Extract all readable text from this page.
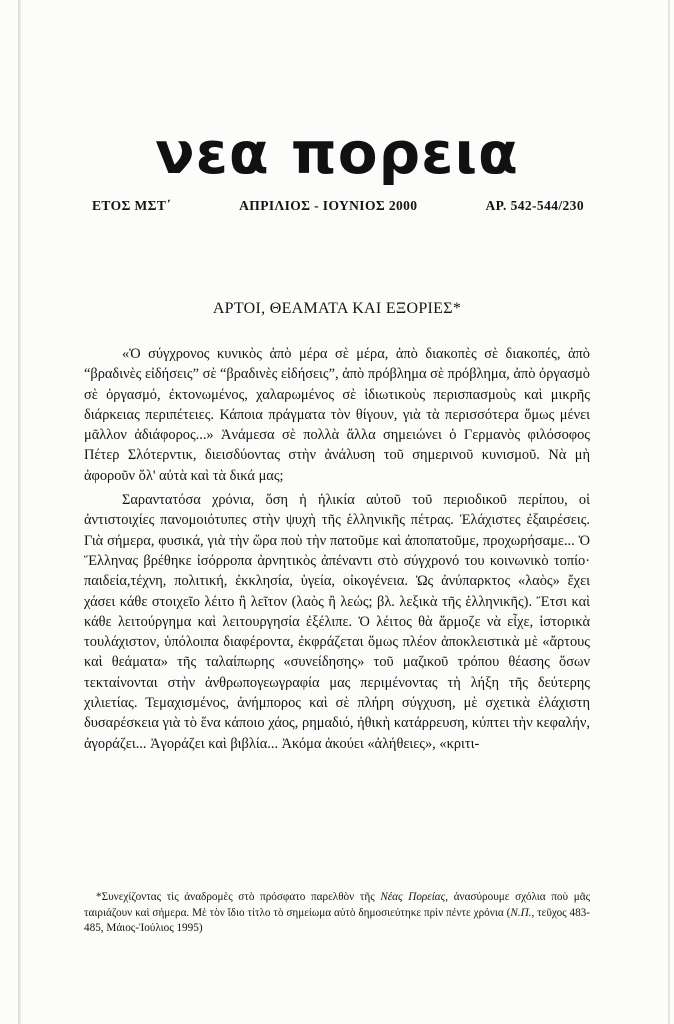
νεα πορεια
ΕΤΟΣ ΜΣΤ΄	ΑΠΡΙΛΙΟΣ - ΙΟΥΝΙΟΣ 2000	ΑΡ. 542-544/230
ΑΡΤΟΙ, ΘΕΑΜΑΤΑ ΚΑΙ ΕΞΟΡΙΕΣ*

«Ὁ σύγχρονος κυνικὸς ἀπὸ μέρα σὲ μέρα, ἀπὸ διακοπὲς σὲ διακοπές, ἀπὸ “βραδινὲς εἰδήσεις” σὲ “βραδινὲς εἰδήσεις”, ἀπὸ πρόβλημα σὲ πρόβλημα, ἀπὸ ὀργασμὸ σὲ ὀργασμό, ἐκτονωμένος, χαλαρωμένος σὲ ἰδιωτικοὺς περισπασμοὺς καὶ μικρῆς διάρκειας περιπέτειες. Κάποια πράγματα τὸν θίγουν, γιὰ τὰ περισσότερα ὅμως μένει μᾶλλον ἀδιάφορος...» Ἀνάμεσα σὲ πολλὰ ἄλλα σημειώνει ὁ Γερμανὸς φιλόσοφος Πέτερ Σλότερντικ, διεισδύοντας στὴν ἀνάλυση τοῦ σημερινοῦ κυνισμοῦ. Νὰ μὴ ἀφοροῦν ὅλ' αὐτὰ καὶ τὰ δικά μας;

Σαραντατόσα χρόνια, ὅση ἡ ἡλικία αὐτοῦ τοῦ περιοδικοῦ περίπου, οἱ ἀντιστοιχίες πανομοιότυπες στὴν ψυχὴ τῆς ἑλληνικῆς πέτρας. Ἐλάχιστες ἐξαιρέσεις. Γιὰ σήμερα, φυσικά, γιὰ τὴν ὥρα ποὺ τὴν πατοῦμε καὶ ἀποπατοῦμε, προχωρήσαμε... Ὁ Ἕλληνας βρέθηκε ἰσόρροπα ἀρνητικὸς ἀπέναντι στὸ σύγχρονό του κοινωνικὸ τοπίο· παιδεία,τέχνη, πολιτική, ἐκκλησία, ὑγεία, οἰκογένεια. Ὡς ἀνύπαρκτος «λαὸς» ἔχει χάσει κάθε στοιχεῖο λέιτο ἢ λεῖτον (λαὸς ἢ λεώς; βλ. λεξικὰ τῆς ἑλληνικῆς). Ἔτσι καὶ κάθε λειτούργημα καὶ λειτουργησία ἐξέλιπε. Ὁ λέιτος θὰ ἅρμοζε νὰ εἶχε, ἱστορικὰ τουλάχιστον, ὑπόλοιπα διαφέροντα, ἐκφράζεται ὅμως πλέον ἀποκλειστικὰ μὲ «ἄρτους καὶ θεάματα» τῆς ταλαίπωρης «συνείδησης» τοῦ μαζικοῦ τρόπου θέασης ὅσων τεκταίνονται στὴν ἀνθρωπογεωγραφία μας περιμένοντας τὴ λήξη τῆς δεύτερης χιλιετίας. Τεμαχισμένος, ἀνήμπορος καὶ σὲ πλήρη σύγχυση, μὲ σχετικὰ ἐλάχιστη δυσαρέσκεια γιὰ τὸ ἕνα κάποιο χάος, ρημαδιό, ἠθικὴ κατάρρευση, κύπτει τὴν κεφαλήν, ἀγοράζει... Ἀγοράζει καὶ βιβλία... Ἀκόμα ἀκούει «ἀλήθειες», «κριτι-

*Συνεχίζοντας τὶς ἀναδρομὲς στὸ πρόσφατο παρελθὸν τῆς Νέας Πορείας, ἀνασύρουμε σχόλια ποὺ μᾶς ταιριάζουν καὶ σήμερα. Μὲ τὸν ἴδιο τίτλο τὸ σημείωμα αὐτὸ δημοσιεύτηκε πρὶν πέντε χρόνια (Ν.Π., τεῦχος 483-485, Μάιος-Ἰούλιος 1995)
